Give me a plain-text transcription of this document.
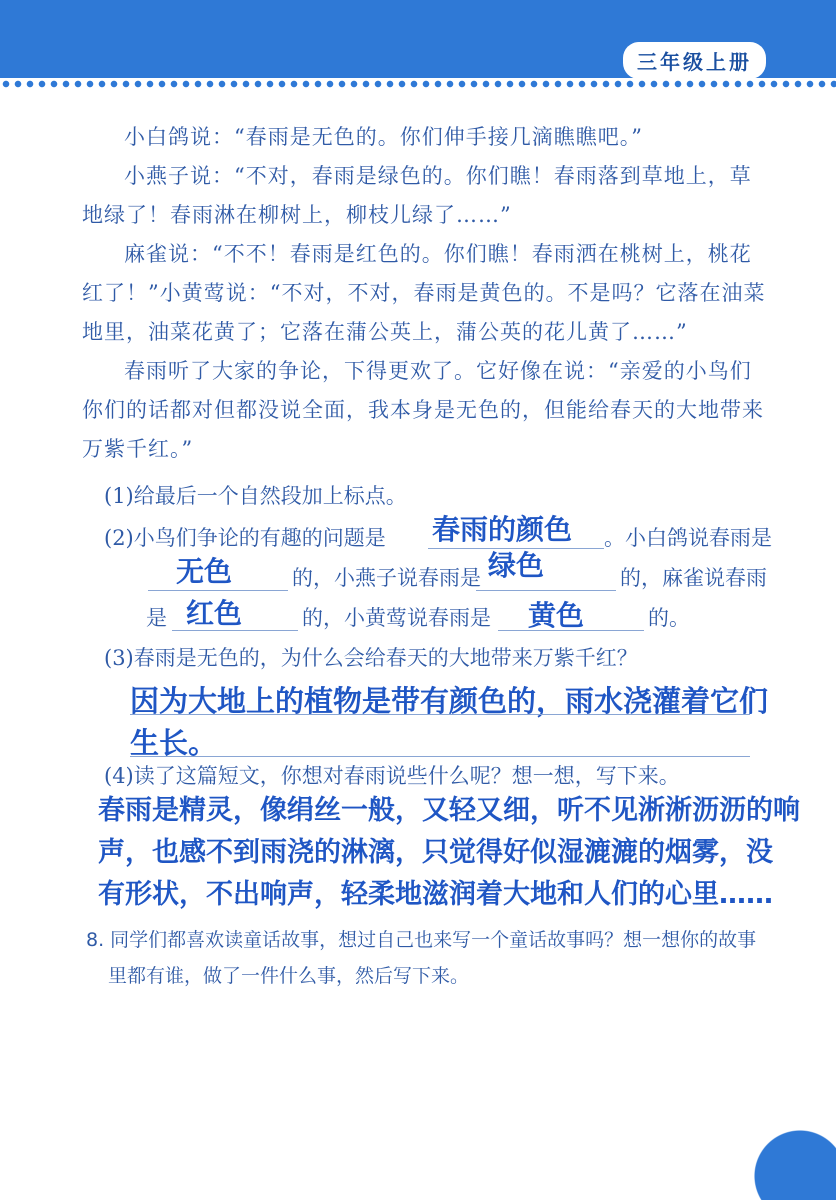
三年级上册

小白鸽说：“春雨是无色的。你们伸手接几滴瞧瞧吧。”

小燕子说：“不对，春雨是绿色的。你们瞧！春雨落到草地上，草地绿了！春雨淋在柳树上，柳枝儿绿了……”

麻雀说：“不不！春雨是红色的。你们瞧！春雨洒在桃树上，桃花红了！”小黄莺说：“不对，不对，春雨是黄色的。不是吗？它落在油菜地里，油菜花黄了；它落在蒲公英上，蒲公英的花儿黄了……”

春雨听了大家的争论，下得更欢了。它好像在说：“亲爱的小鸟们你们的话都对但都没说全面，我本身是无色的，但能给春天的大地带来万紫千红。”

(1)给最后一个自然段加上标点。
(2)小鸟们争论的有趣的问题是 春雨的颜色 。小白鸽说春雨是
无色	的，小燕子说春雨是 绿色	的，麻雀说春雨
是 红色	的，小黄莺说春雨是 黄色	的。
(3)春雨是无色的，为什么会给春天的大地带来万紫千红？
因为大地上的植物是带有颜色的，雨水浇灌着它们
生长。
(4)读了这篇短文，你想对春雨说些什么呢？想一想，写下来。
春雨是精灵，像绢丝一般，又轻又细，听不见淅淅沥沥的响
声，也感不到雨浇的淋漓，只觉得好似湿漉漉的烟雾，没
有形状，不出响声，轻柔地滋润着大地和人们的心里……
8. 同学们都喜欢读童话故事，想过自己也来写一个童话故事吗？想一想你的故事
里都有谁，做了一件什么事，然后写下来。
